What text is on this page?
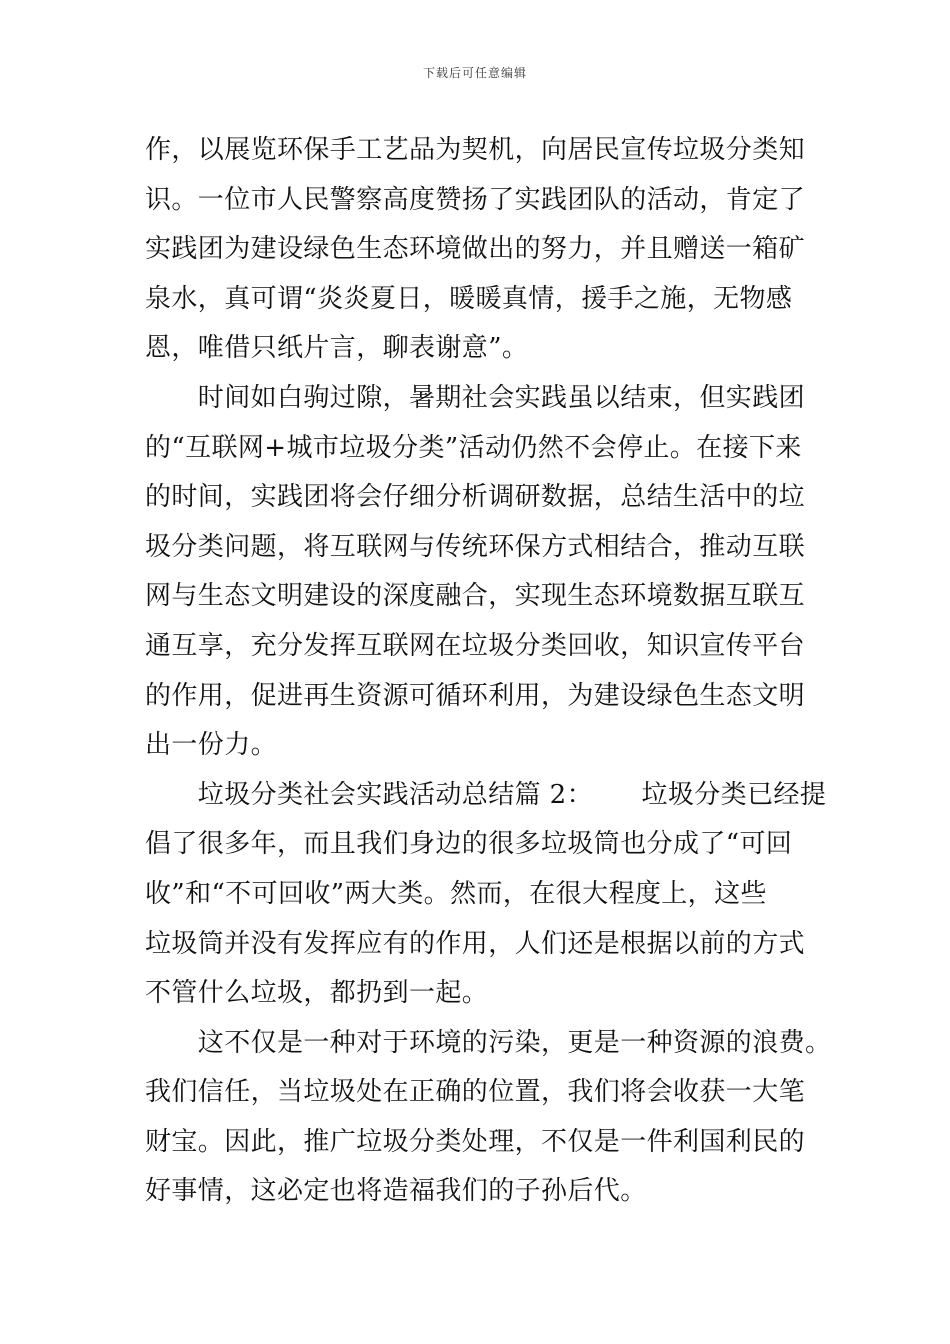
下载后可任意编辑
作，以展览环保手工艺品为契机，向居民宣传垃圾分类知
识。一位市人民警察高度赞扬了实践团队的活动，肯定了
实践团为建设绿色生态环境做出的努力，并且赠送一箱矿
泉水，真可谓“炎炎夏日，暖暖真情，援手之施，无物感
恩，唯借只纸片言，聊表谢意”。
　　时间如白驹过隙，暑期社会实践虽以结束，但实践团
的“互联网+城市垃圾分类”活动仍然不会停止。在接下来
的时间，实践团将会仔细分析调研数据，总结生活中的垃
圾分类问题，将互联网与传统环保方式相结合，推动互联
网与生态文明建设的深度融合，实现生态环境数据互联互
通互享，充分发挥互联网在垃圾分类回收，知识宣传平台
的作用，促进再生资源可循环利用，为建设绿色生态文明
出一份力。
　　垃圾分类社会实践活动总结篇 2：　　 垃圾分类已经提
倡了很多年，而且我们身边的很多垃圾筒也分成了“可回
收”和“不可回收”两大类。然而，在很大程度上，这些
垃圾筒并没有发挥应有的作用，人们还是根据以前的方式
不管什么垃圾，都扔到一起。
　　这不仅是一种对于环境的污染，更是一种资源的浪费。
我们信任，当垃圾处在正确的位置，我们将会收获一大笔
财宝。因此，推广垃圾分类处理，不仅是一件利国利民的
好事情，这必定也将造福我们的子孙后代。
